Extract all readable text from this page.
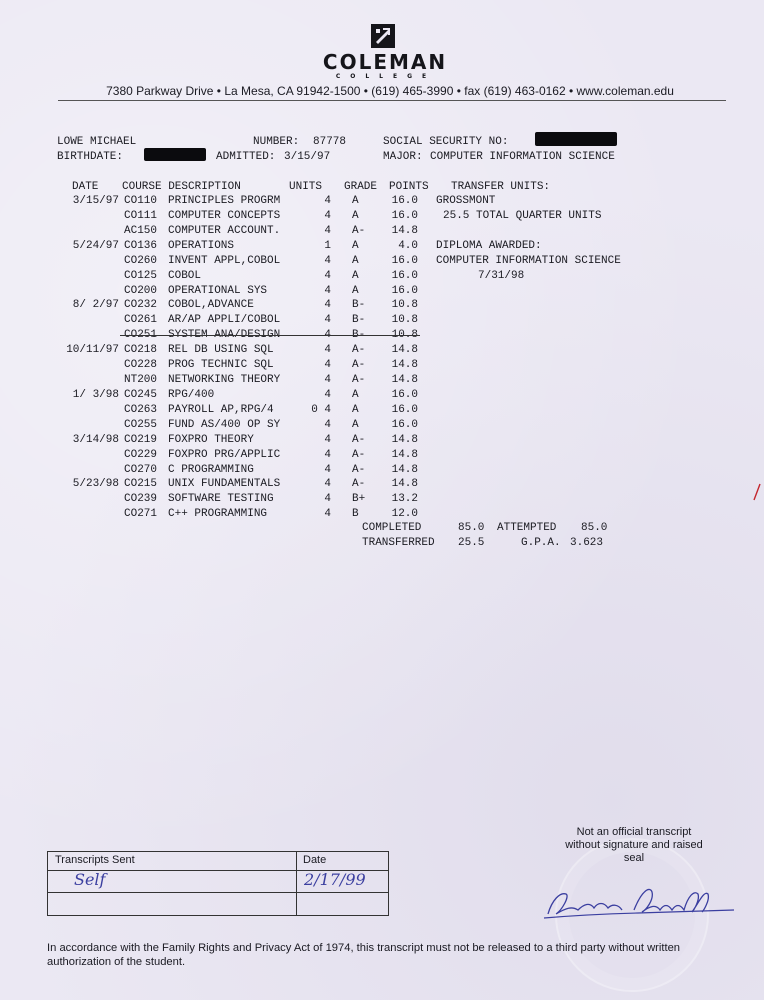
COLEMAN
COLLEGE
7380 Parkway Drive • La Mesa, CA 91942-1500 • (619) 465-3990 • fax (619) 463-0162 • www.coleman.edu
LOWE MICHAEL	NUMBER: 87778	SOCIAL SECURITY NO:
BIRTHDATE:	ADMITTED: 3/15/97	MAJOR: COMPUTER INFORMATION SCIENCE
DATE COURSE DESCRIPTION	UNITS GRADE POINTS TRANSFER UNITS:
3/15/97 CO110 PRINCIPLES PROGRM	4 A	16.0
CO111 COMPUTER CONCEPTS	4 A	16.0
AC150 COMPUTER ACCOUNT.	4 A- 14.8
5/24/97 CO136 OPERATIONS	1 A	4.0
CO260 INVENT APPL,COBOL	4 A	16.0
CO125 COBOL	4 A	16.0
CO200 OPERATIONAL SYS	4 A	16.0
8/ 2/97 CO232 COBOL,ADVANCE	4 B- 10.8
CO261 AR/AP APPLI/COBOL	4 B- 10.8
CO251 SYSTEM ANA/DESIGN	4 B- 10.8
10/11/97 CO218 REL DB USING SQL	4 A- 14.8
CO228 PROG TECHNIC SQL	4 A- 14.8
NT200 NETWORKING THEORY	4 A- 14.8
1/ 3/98 CO245 RPG/400	4 A	16.0
CO263 PAYROLL AP,RPG/4	0 4 A	16.0
CO255 FUND AS/400 OP SY	4 A	16.0
3/14/98 CO219 FOXPRO THEORY	4 A- 14.8
CO229 FOXPRO PRG/APPLIC	4 A- 14.8
CO270 C PROGRAMMING	4 A- 14.8
5/23/98 CO215 UNIX FUNDAMENTALS	4 A- 14.8
CO239 SOFTWARE TESTING	4 B+ 13.2
CO271 C++ PROGRAMMING	4 B	12.0
GROSSMONT
25.5 TOTAL QUARTER UNITS
DIPLOMA AWARDED:
COMPUTER INFORMATION SCIENCE
7/31/98
COMPLETED	85.0 ATTEMPTED 85.0
TRANSFERRED 25.5	G.P.A. 3.623
Not an official transcript without signature and raised seal
Transcripts Sent	Date
Self	2/17/99
In accordance with the Family Rights and Privacy Act of 1974, this transcript must not be released to a third party without written authorization of the student.
